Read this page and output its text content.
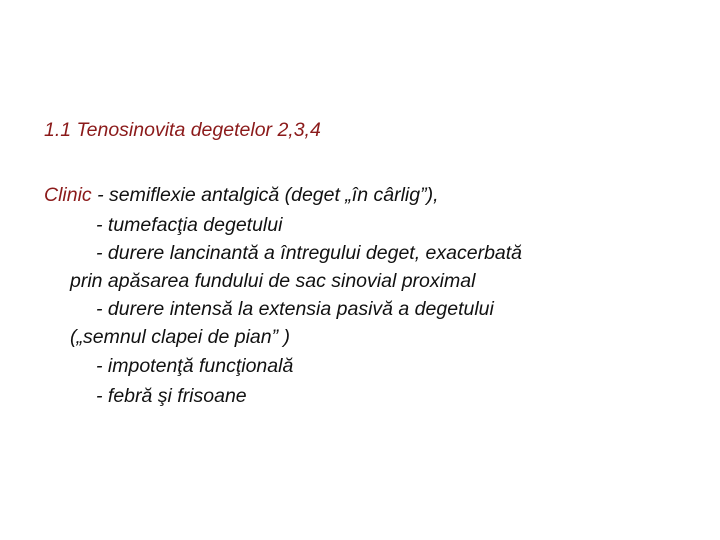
1.1 Tenosinovita degetelor 2,3,4
Clinic - semiflexie antalgică (deget „în cârlig”),
- tumefacţia degetului
- durere lancinantă a întregului deget, exacerbată
prin apăsarea fundului de sac sinovial proximal
- durere intensă la extensia pasivă a degetului
(„semnul clapei de pian” )
- impotenţă funcţională
- febră şi frisoane
